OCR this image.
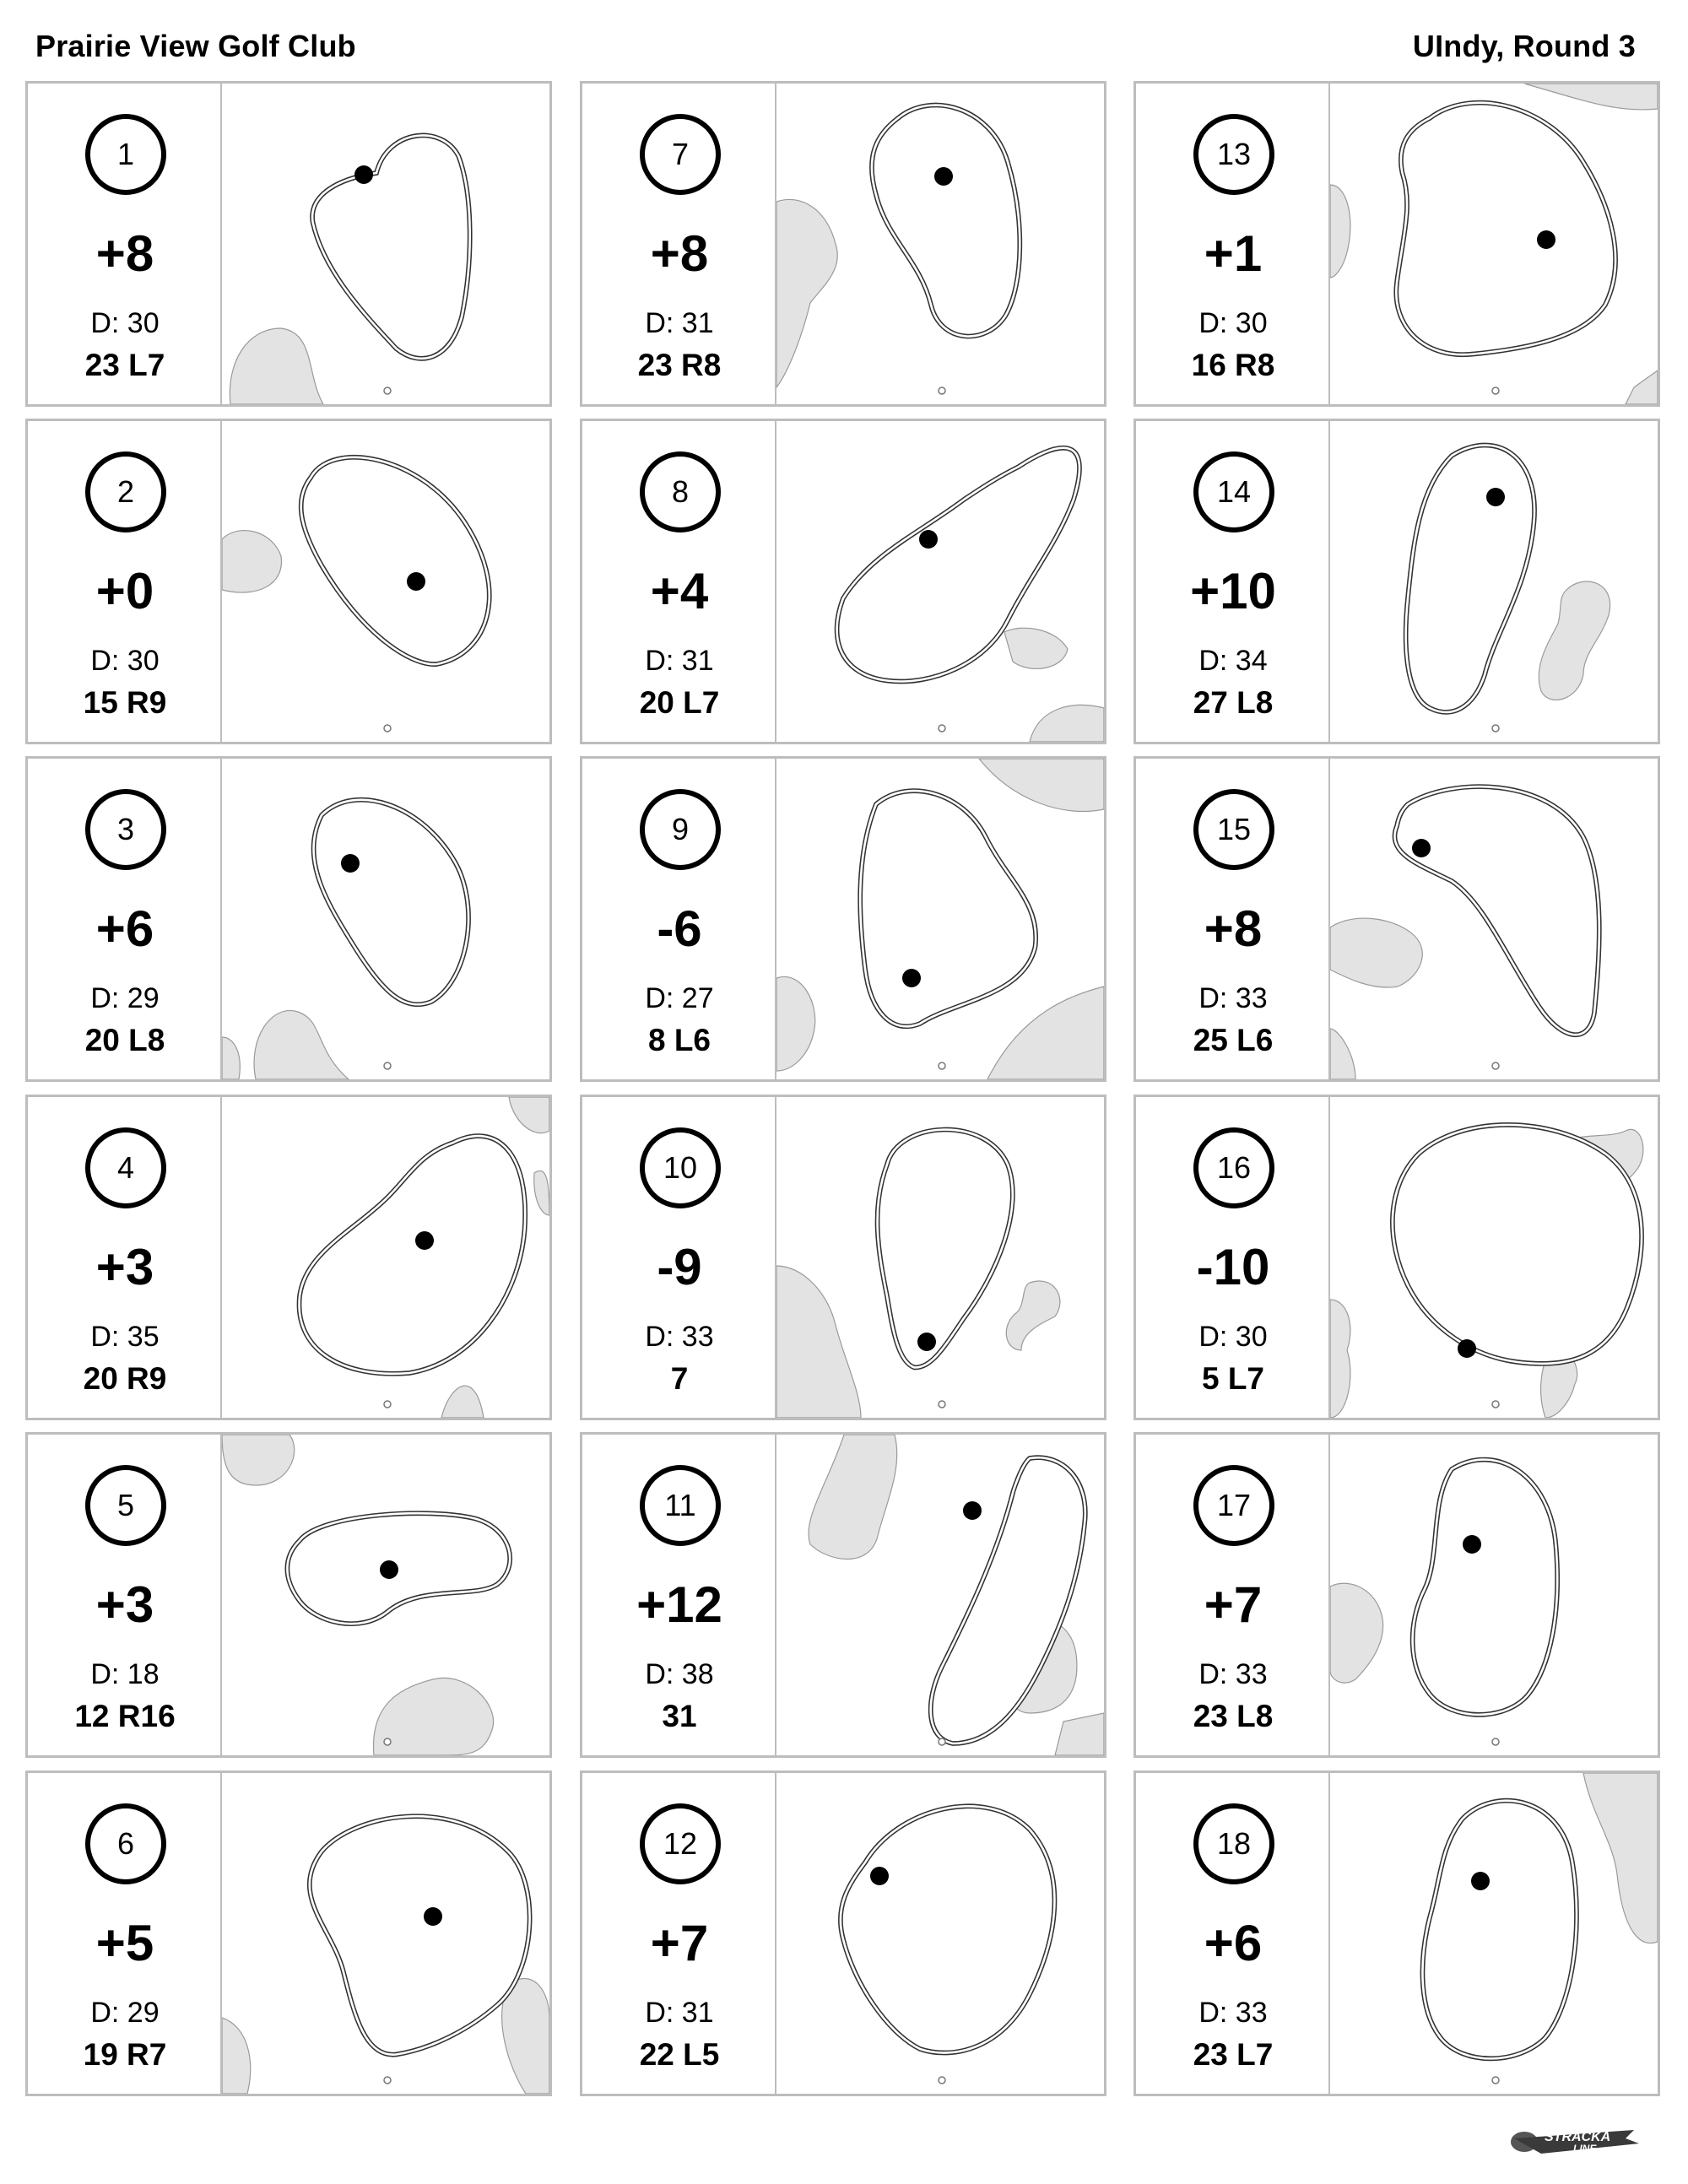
Prairie View Golf Club	UIndy, Round 3
1
+8
D: 30
23 L7
2
+0
D: 30
15 R9
3
+6
D: 29
20 L8
4
+3
D: 35
20 R9
5
+3
D: 18
12 R16
6
+5
D: 29
19 R7
7
+8
D: 31
23 R8
8
+4
D: 31
20 L7
9
-6
D: 27
8 L6
10
-9
D: 33
7
11
+12
D: 38
31
12
+7
D: 31
22 L5
13
+1
D: 30
16 R8
14
+10
D: 34
27 L8
15
+8
D: 33
25 L6
16
-10
D: 30
5 L7
17
+7
D: 33
23 L8
18
+6
D: 33
23 L7
STRACKA
LINE
